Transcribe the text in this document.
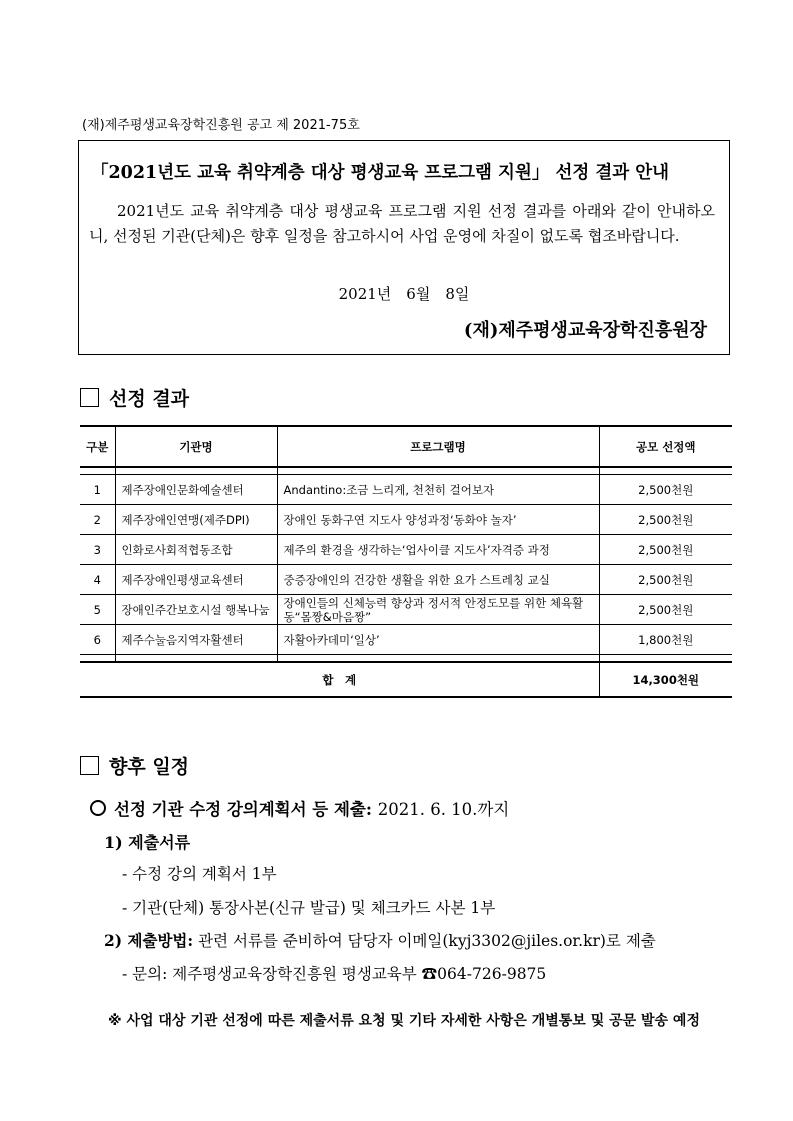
(재)제주평생교육장학진흥원 공고 제 2021-75호
「2021년도 교육 취약계층 대상 평생교육 프로그램 지원」 선정 결과 안내
2021년도 교육 취약계층 대상 평생교육 프로그램 지원 선정 결과를 아래와 같이 안내하오니, 선정된 기관(단체)은 향후 일정을 참고하시어 사업 운영에 차질이 없도록 협조바랍니다.
2021년　6월　8일
(재)제주평생교육장학진흥원장
선정 결과
구분	기관명	프로그램명	공모 선정액

1	제주장애인문화예술센터	Andantino:조금 느리게, 천천히 걸어보자	2,500천원
2	제주장애인연맹(제주DPI)	장애인 동화구연 지도사 양성과정‘동화야 놀자’	2,500천원
3	인화로사회적협동조합	제주의 환경을 생각하는‘업사이클 지도사’자격증 과정	2,500천원
4	제주장애인평생교육센터	중증장애인의 건강한 생활을 위한 요가 스트레칭 교실	2,500천원
5	장애인주간보호시설 행복나눔	장애인들의 신체능력 향상과 정서적 안정도모를 위한 체육활동“몸짱&마음짱”	2,500천원
6	제주수눌음지역자활센터	자활아카데미‘일상’	1,800천원

합　계			14,300천원
향후 일정
선정 기관 수정 강의계획서 등 제출: 2021. 6. 10.까지
1) 제출서류
- 수정 강의 계획서 1부
- 기관(단체) 통장사본(신규 발급) 및 체크카드 사본 1부
2) 제출방법: 관련 서류를 준비하여 담당자 이메일(kyj3302@jiles.or.kr)로 제출
- 문의: 제주평생교육장학진흥원 평생교육부 ☎064-726-9875
※ 사업 대상 기관 선정에 따른 제출서류 요청 및 기타 자세한 사항은 개별통보 및 공문 발송 예정
